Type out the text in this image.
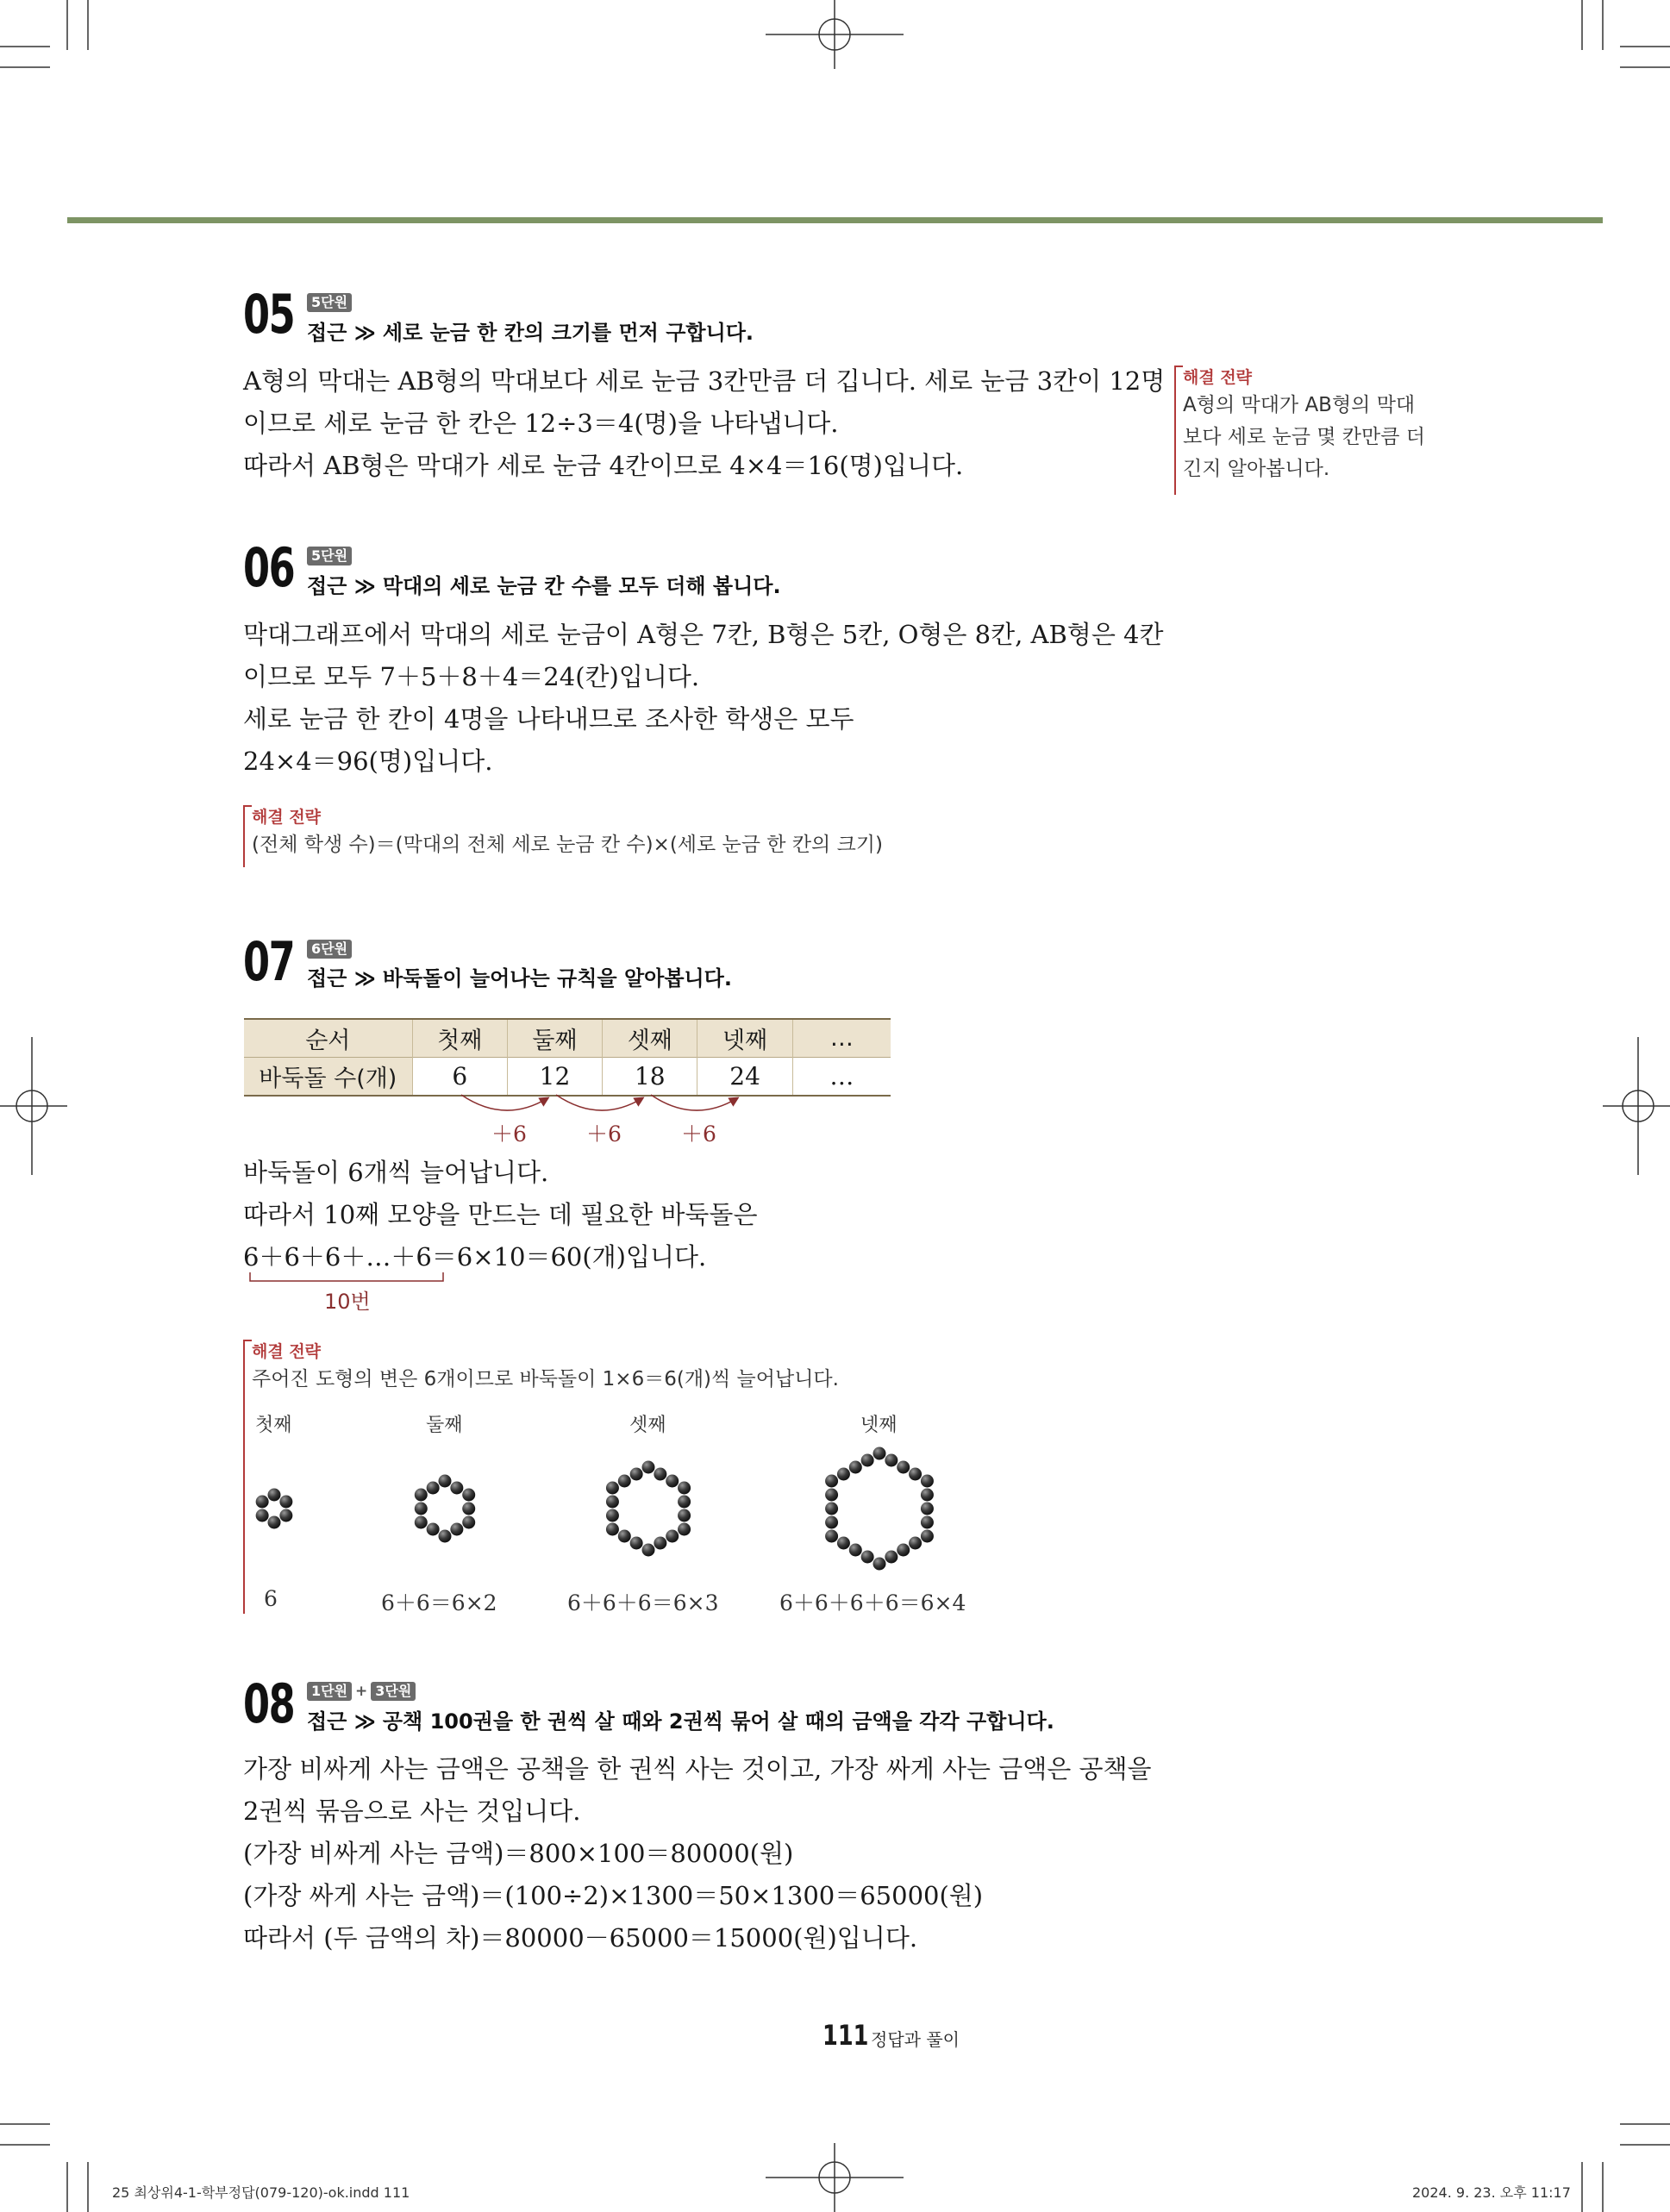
05	5단원
접근 ≫ 세로 눈금 한 칸의 크기를 먼저 구합니다.
A형의 막대는 AB형의 막대보다 세로 눈금 3칸만큼 더 깁니다. 세로 눈금 3칸이 12명
이므로 세로 눈금 한 칸은 12÷3＝4(명)을 나타냅니다.
따라서 AB형은 막대가 세로 눈금 4칸이므로 4×4＝16(명)입니다.
해결 전략
A형의 막대가 AB형의 막대
보다 세로 눈금 몇 칸만큼 더
긴지 알아봅니다.
06	5단원
접근 ≫ 막대의 세로 눈금 칸 수를 모두 더해 봅니다.
막대그래프에서 막대의 세로 눈금이 A형은 7칸, B형은 5칸, O형은 8칸, AB형은 4칸
이므로 모두 7＋5＋8＋4＝24(칸)입니다.
세로 눈금 한 칸이 4명을 나타내므로 조사한 학생은 모두
24×4＝96(명)입니다.
해결 전략
(전체 학생 수)＝(막대의 전체 세로 눈금 칸 수)×(세로 눈금 한 칸의 크기)
07	6단원
접근 ≫ 바둑돌이 늘어나는 규칙을 알아봅니다.
순서	첫째	둘째	셋째	넷째	…
바둑돌 수(개)	6	12	18	24	…
＋6	＋6	＋6
바둑돌이 6개씩 늘어납니다.
따라서 10째 모양을 만드는 데 필요한 바둑돌은
6＋6＋6＋…＋6＝6×10＝60(개)입니다.
10번
해결 전략
주어진 도형의 변은 6개이므로 바둑돌이 1×6＝6(개)씩 늘어납니다.
첫째	둘째	셋째	넷째
6	6＋6＝6×2	6＋6＋6＝6×3	6＋6＋6＋6＝6×4
08	1단원 + 3단원
접근 ≫ 공책 100권을 한 권씩 살 때와 2권씩 묶어 살 때의 금액을 각각 구합니다.
가장 비싸게 사는 금액은 공책을 한 권씩 사는 것이고, 가장 싸게 사는 금액은 공책을
2권씩 묶음으로 사는 것입니다.
(가장 비싸게 사는 금액)＝800×100＝80000(원)
(가장 싸게 사는 금액)＝(100÷2)×1300＝50×1300＝65000(원)
따라서 (두 금액의 차)＝80000－65000＝15000(원)입니다.
111 정답과 풀이
25 최상위4-1-학부정답(079-120)-ok.indd 111	2024. 9. 23. 오후 11:17
